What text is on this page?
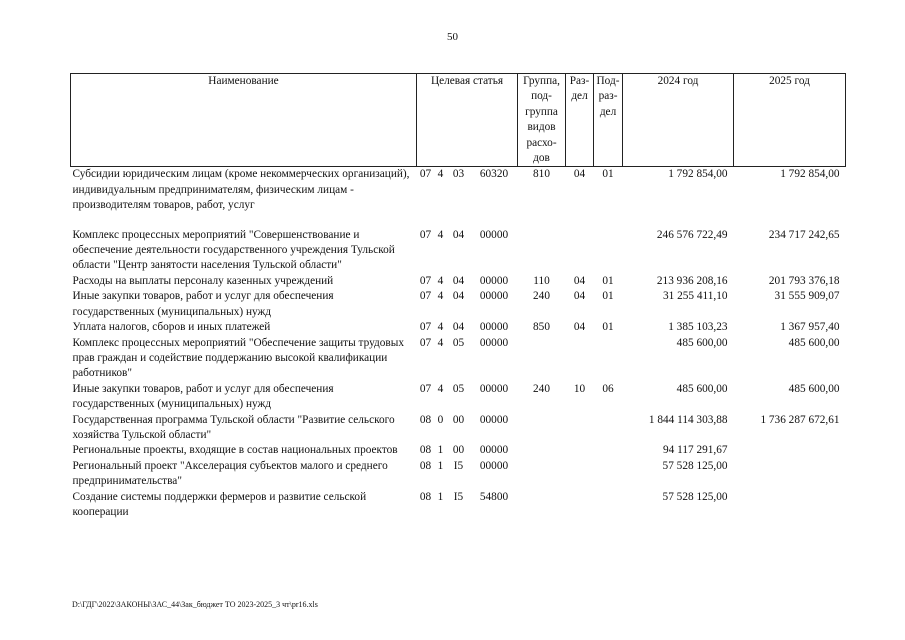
50
Наименование	Целевая статья				Группа, под-группа видов расхо-дов	Раз-дел	Под-раз-дел	2024 год	2025 год
Субсидии юридическим лицам (кроме некоммерческих организаций), индивидуальным предпринимателям, физическим лицам - производителям товаров, работ, услуг	07	4	03	60320	810	04	01	1 792 854,00	1 792 854,00

Комплекс процессных мероприятий "Совершенствование и обеспечение деятельности государственного учреждения Тульской области "Центр занятости населения Тульской области"	07	4	04	00000				246 576 722,49	234 717 242,65
Расходы на выплаты персоналу казенных учреждений	07	4	04	00000	110	04	01	213 936 208,16	201 793 376,18
Иные закупки товаров, работ и услуг для обеспечения государственных (муниципальных) нужд	07	4	04	00000	240	04	01	31 255 411,10	31 555 909,07
Уплата налогов, сборов и иных платежей	07	4	04	00000	850	04	01	1 385 103,23	1 367 957,40
Комплекс процессных мероприятий "Обеспечение защиты трудовых прав граждан и содействие поддержанию высокой квалификации работников"	07	4	05	00000				485 600,00	485 600,00
Иные закупки товаров, работ и услуг для обеспечения государственных (муниципальных) нужд	07	4	05	00000	240	10	06	485 600,00	485 600,00
Государственная программа Тульской области "Развитие сельского хозяйства Тульской области"	08	0	00	00000				1 844 114 303,88	1 736 287 672,61
Региональные проекты, входящие в состав национальных проектов	08	1	00	00000				94 117 291,67	
Региональный проект "Акселерация субъектов малого и среднего предпринимательства"	08	1	I5	00000				57 528 125,00	
Создание системы поддержки фермеров и развитие сельской кооперации	08	1	I5	54800				57 528 125,00	
D:\ГДГ\2022\ЗАКОНЫ\ЗАС_44\Зак_бюджет ТО 2023-2025_3 чт\pr16.xls
